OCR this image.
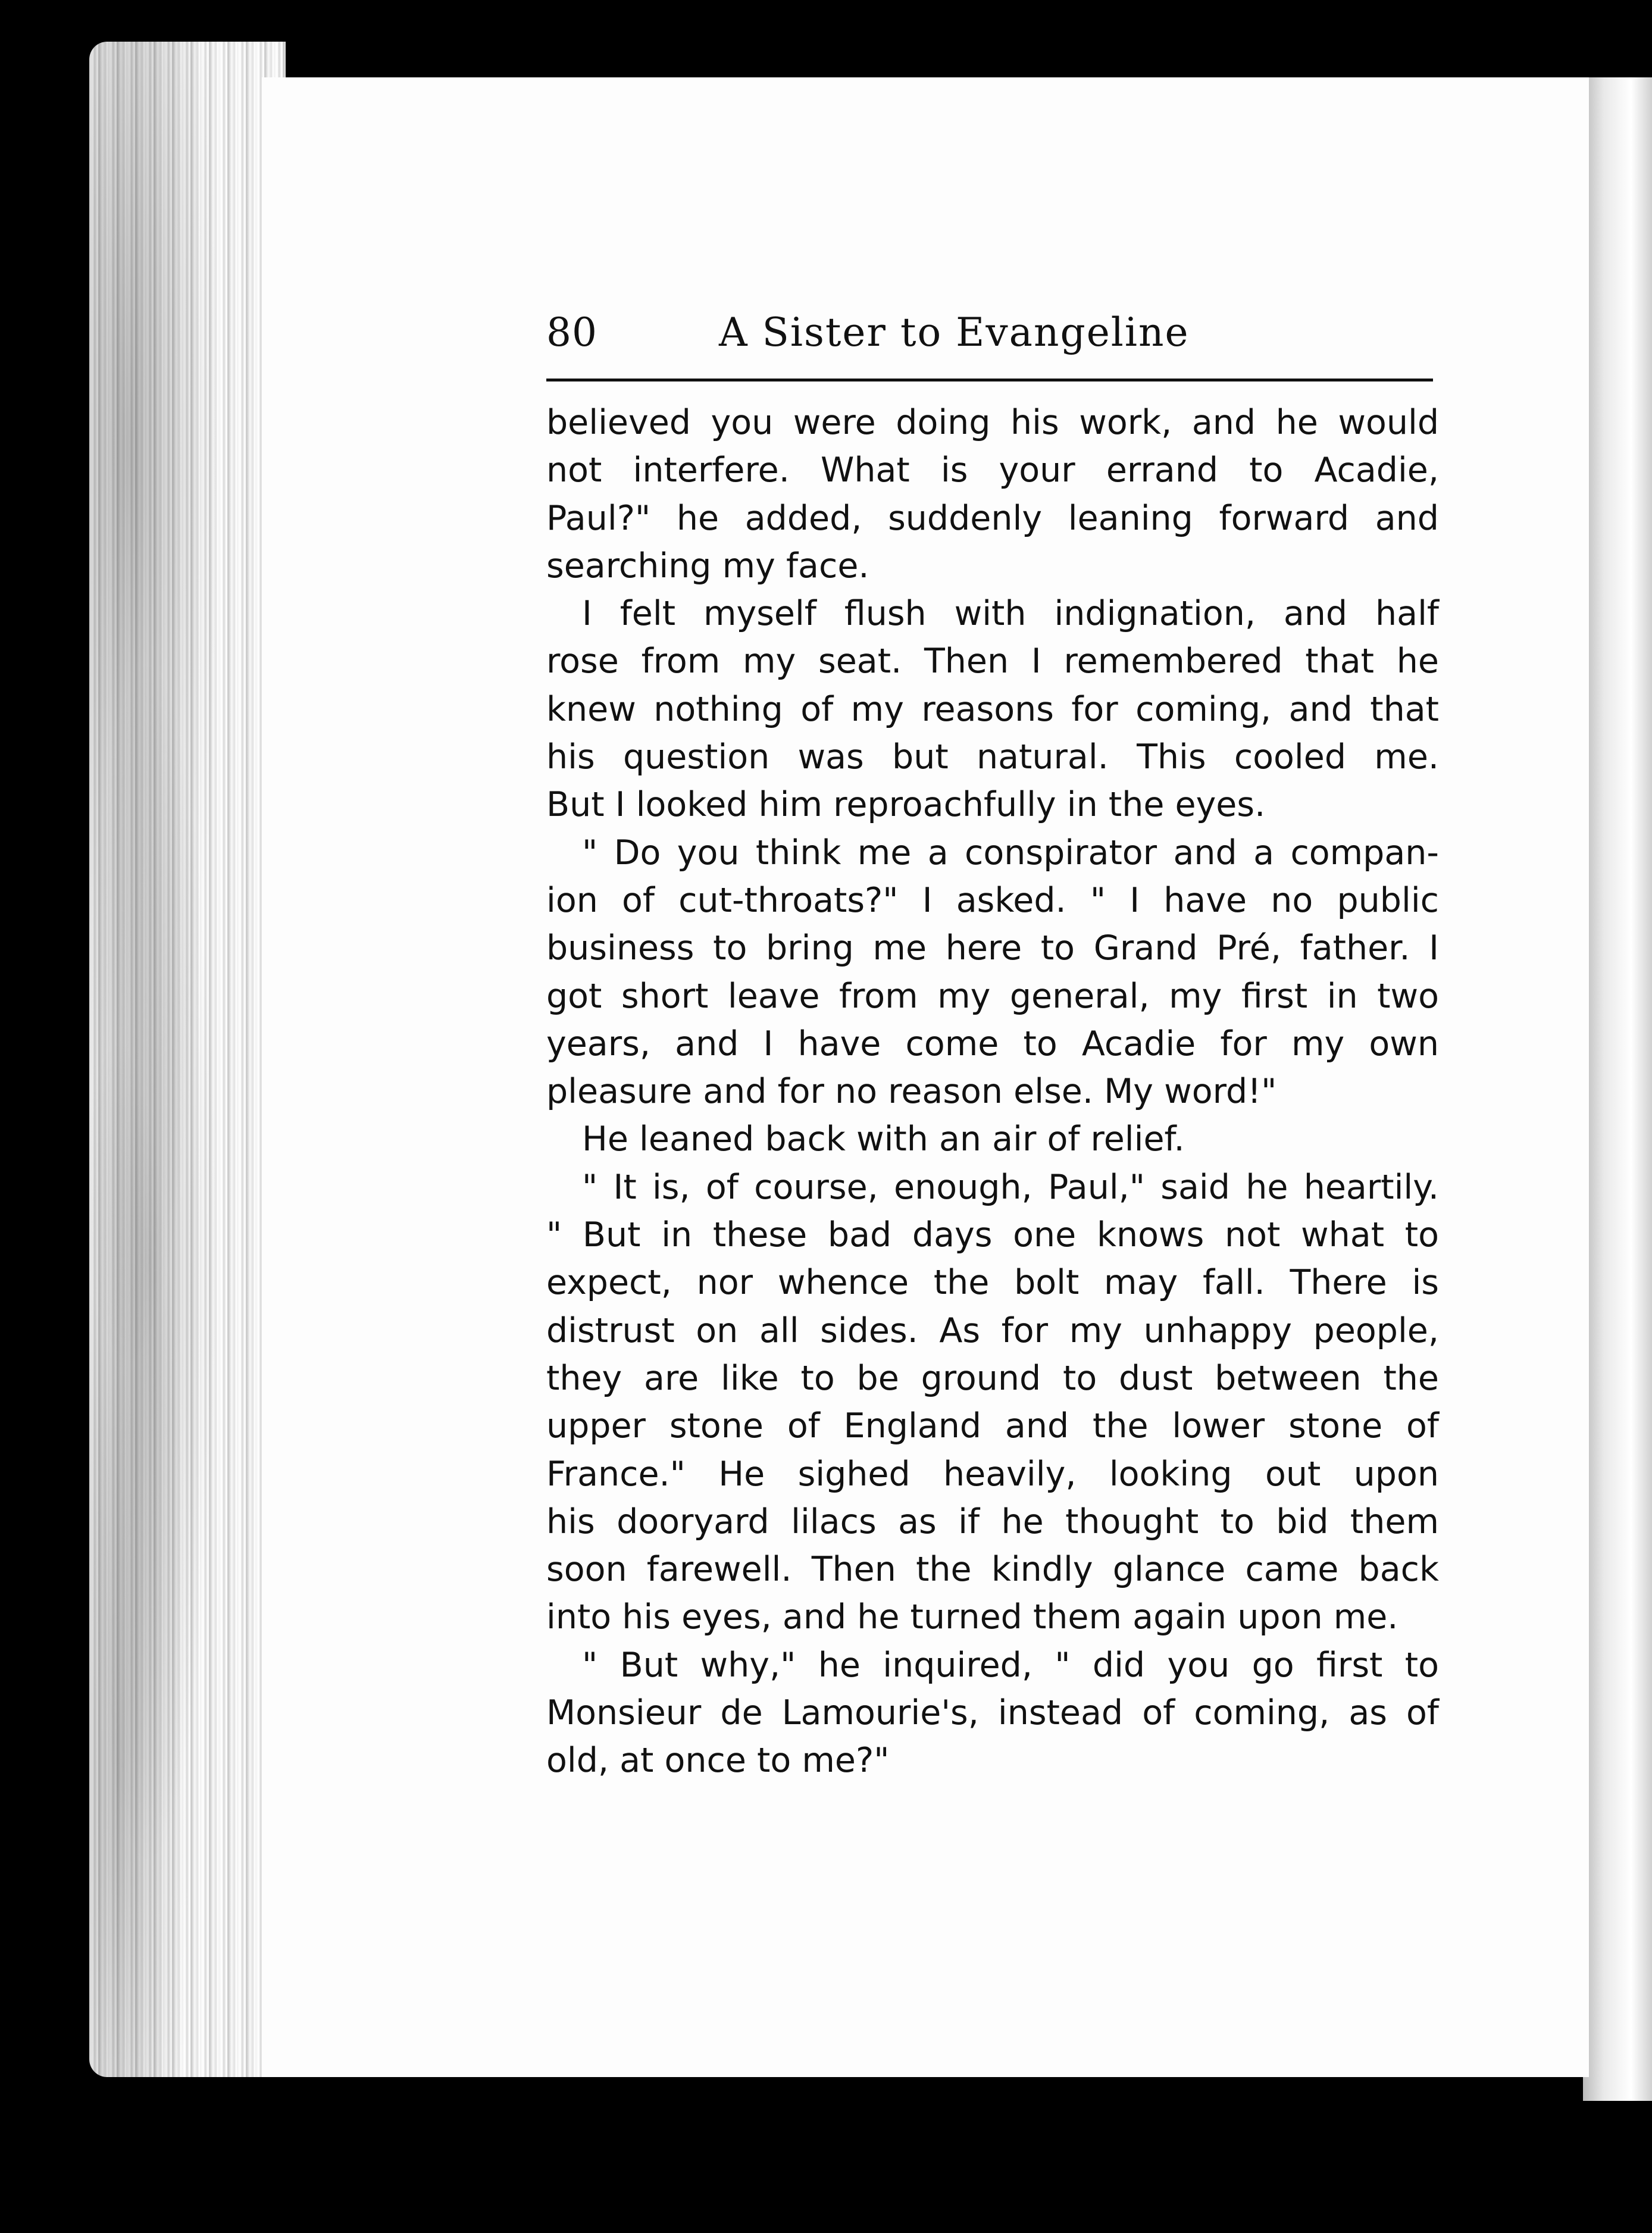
80	A Sister to Evangeline
believed you were doing his work, and he would
not interfere. What is your errand to Acadie,
Paul?" he added, suddenly leaning forward and
searching my face.
I felt myself flush with indignation, and half
rose from my seat. Then I remembered that he
knew nothing of my reasons for coming, and that
his question was but natural. This cooled me.
But I looked him reproachfully in the eyes.
" Do you think me a conspirator and a compan-
ion of cut-throats?" I asked. " I have no public
business to bring me here to Grand Pré, father. I
got short leave from my general, my first in two
years, and I have come to Acadie for my own
pleasure and for no reason else. My word!"
He leaned back with an air of relief.
" It is, of course, enough, Paul," said he heartily.
" But in these bad days one knows not what to
expect, nor whence the bolt may fall. There is
distrust on all sides. As for my unhappy people,
they are like to be ground to dust between the
upper stone of England and the lower stone of
France." He sighed heavily, looking out upon
his dooryard lilacs as if he thought to bid them
soon farewell. Then the kindly glance came back
into his eyes, and he turned them again upon me.
" But why," he inquired, " did you go first to
Monsieur de Lamourie's, instead of coming, as of
old, at once to me?"
